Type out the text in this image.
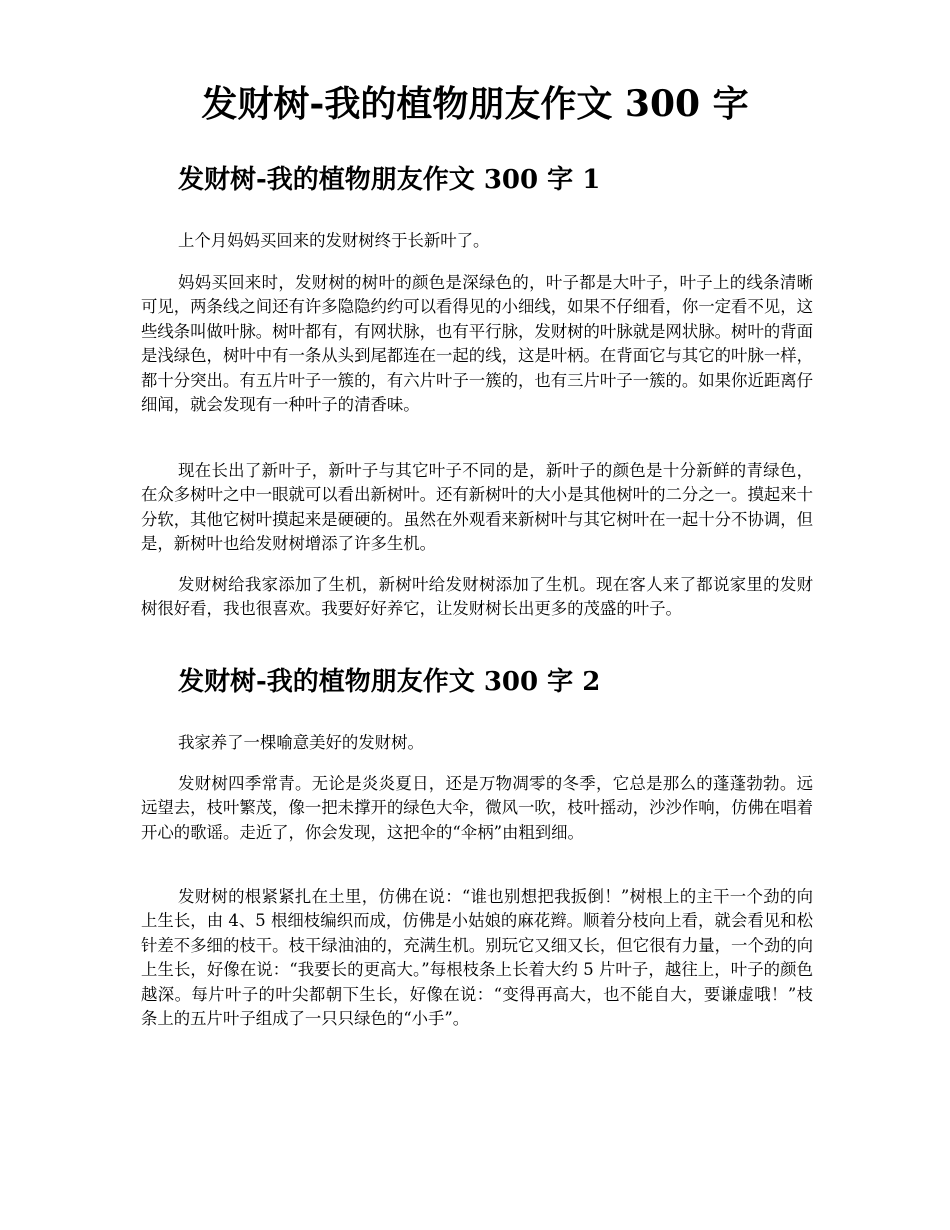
发财树-我的植物朋友作文 300 字
发财树-我的植物朋友作文 300 字 1

上个月妈妈买回来的发财树终于长新叶了。

妈妈买回来时，发财树的树叶的颜色是深绿色的，叶子都是大叶子，叶子上的线条清晰可见，两条线之间还有许多隐隐约约可以看得见的小细线，如果不仔细看，你一定看不见，这些线条叫做叶脉。树叶都有，有网状脉，也有平行脉，发财树的叶脉就是网状脉。树叶的背面是浅绿色，树叶中有一条从头到尾都连在一起的线，这是叶柄。在背面它与其它的叶脉一样，都十分突出。有五片叶子一簇的，有六片叶子一簇的，也有三片叶子一簇的。如果你近距离仔细闻，就会发现有一种叶子的清香味。

现在长出了新叶子，新叶子与其它叶子不同的是，新叶子的颜色是十分新鲜的青绿色，在众多树叶之中一眼就可以看出新树叶。还有新树叶的大小是其他树叶的二分之一。摸起来十分软，其他它树叶摸起来是硬硬的。虽然在外观看来新树叶与其它树叶在一起十分不协调，但是，新树叶也给发财树增添了许多生机。

发财树给我家添加了生机，新树叶给发财树添加了生机。现在客人来了都说家里的发财树很好看，我也很喜欢。我要好好养它，让发财树长出更多的茂盛的叶子。

发财树-我的植物朋友作文 300 字 2

我家养了一棵喻意美好的发财树。

发财树四季常青。无论是炎炎夏日，还是万物凋零的冬季，它总是那么的蓬蓬勃勃。远远望去，枝叶繁茂，像一把未撑开的绿色大伞，微风一吹，枝叶摇动，沙沙作响，仿佛在唱着开心的歌谣。走近了，你会发现，这把伞的“伞柄”由粗到细。

发财树的根紧紧扎在土里，仿佛在说：“谁也别想把我扳倒！”树根上的主干一个劲的向上生长，由 4、5 根细枝编织而成，仿佛是小姑娘的麻花辫。顺着分枝向上看，就会看见和松针差不多细的枝干。枝干绿油油的，充满生机。别玩它又细又长，但它很有力量，一个劲的向上生长，好像在说：“我要长的更高大。”每根枝条上长着大约 5 片叶子，越往上，叶子的颜色越深。每片叶子的叶尖都朝下生长，好像在说：“变得再高大，也不能自大，要谦虚哦！”枝条上的五片叶子组成了一只只绿色的“小手”。
